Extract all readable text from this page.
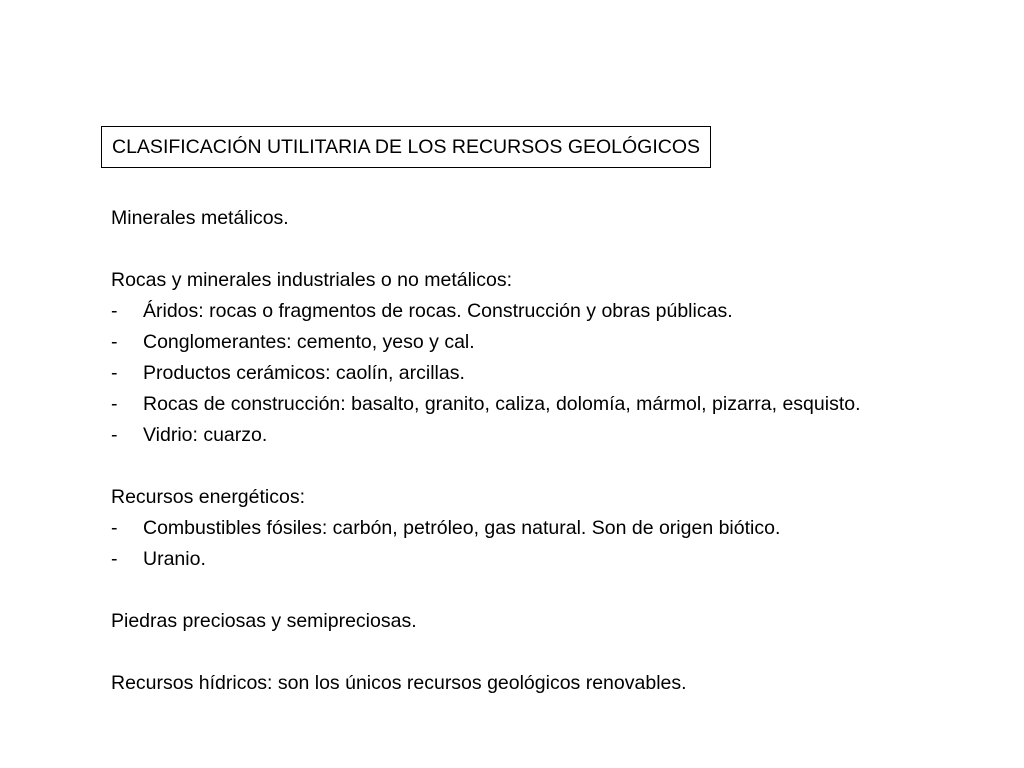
CLASIFICACIÓN UTILITARIA DE LOS RECURSOS GEOLÓGICOS
Minerales metálicos.
Rocas y minerales industriales o no metálicos:
-	Áridos: rocas o fragmentos de rocas. Construcción y obras públicas.
-	Conglomerantes: cemento, yeso y cal.
-	Productos cerámicos: caolín, arcillas.
-	Rocas de construcción: basalto, granito, caliza, dolomía, mármol, pizarra, esquisto.
-	Vidrio: cuarzo.
Recursos energéticos:
-	Combustibles fósiles: carbón, petróleo, gas natural. Son de origen biótico.
-	Uranio.
Piedras preciosas y semipreciosas.
Recursos hídricos: son los únicos recursos geológicos renovables.
